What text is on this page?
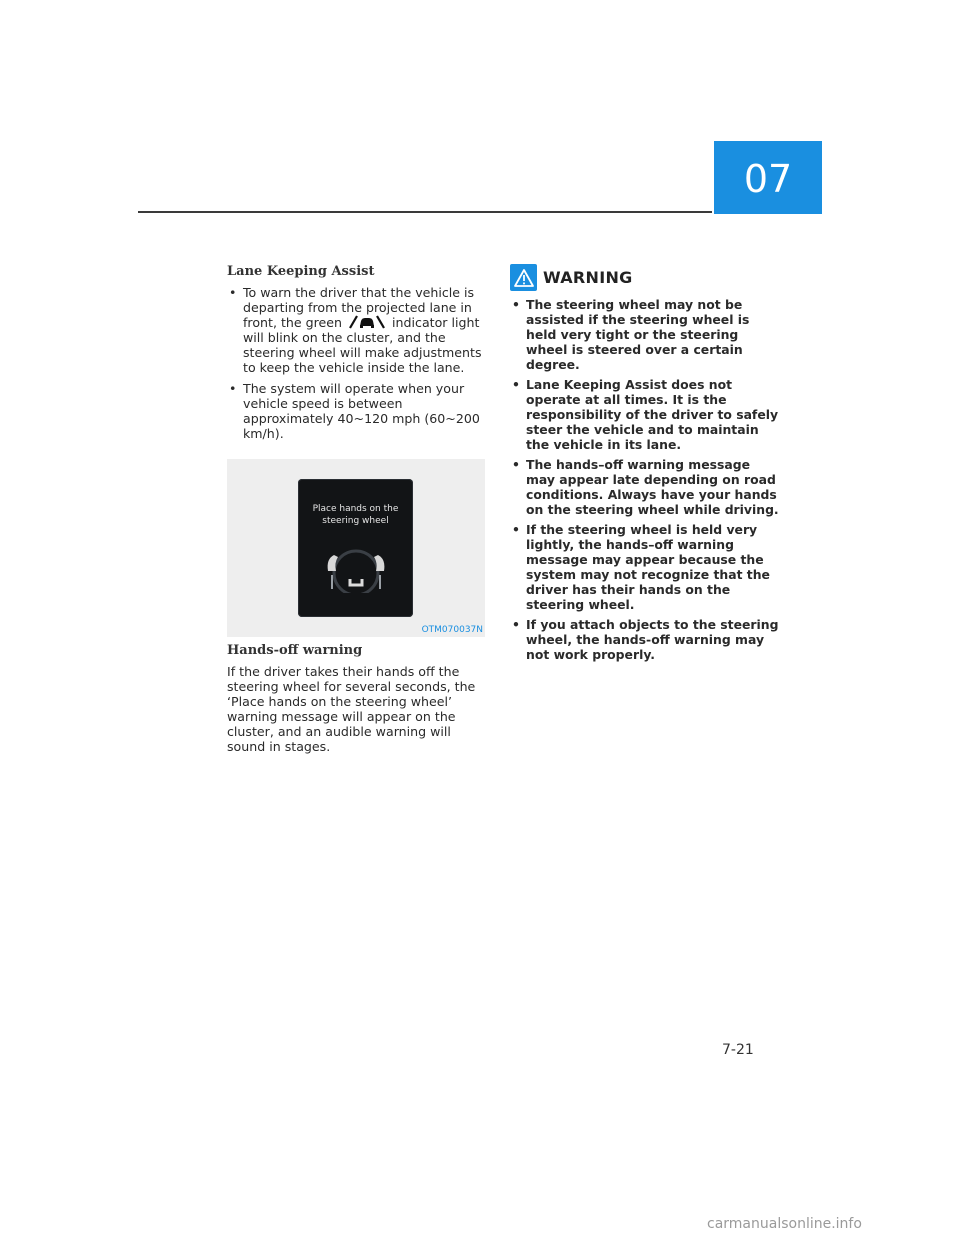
07
Lane Keeping Assist
• To warn the driver that the vehicle is departing from the projected lane in front, the green	indicator light will blink on the cluster, and the steering wheel will make adjustments to keep the vehicle inside the lane.
• The system will operate when your vehicle speed is between approximately 40~120 mph (60~200 km/h).
Place hands on the
steering wheel
OTM070037N
Hands-off warning

If the driver takes their hands off the steering wheel for several seconds, the ‘Place hands on the steering wheel’ warning message will appear on the cluster, and an audible warning will sound in stages.

WARNING
• The steering wheel may not be assisted if the steering wheel is held very tight or the steering wheel is steered over a certain degree.
• Lane Keeping Assist does not operate at all times. It is the responsibility of the driver to safely steer the vehicle and to maintain the vehicle in its lane.
• The hands–off warning message may appear late depending on road conditions. Always have your hands on the steering wheel while driving.
• If the steering wheel is held very lightly, the hands–off warning message may appear because the system may not recognize that the driver has their hands on the steering wheel.
• If you attach objects to the steering wheel, the hands-off warning may not work properly.
7-21
carmanualsonline.info
